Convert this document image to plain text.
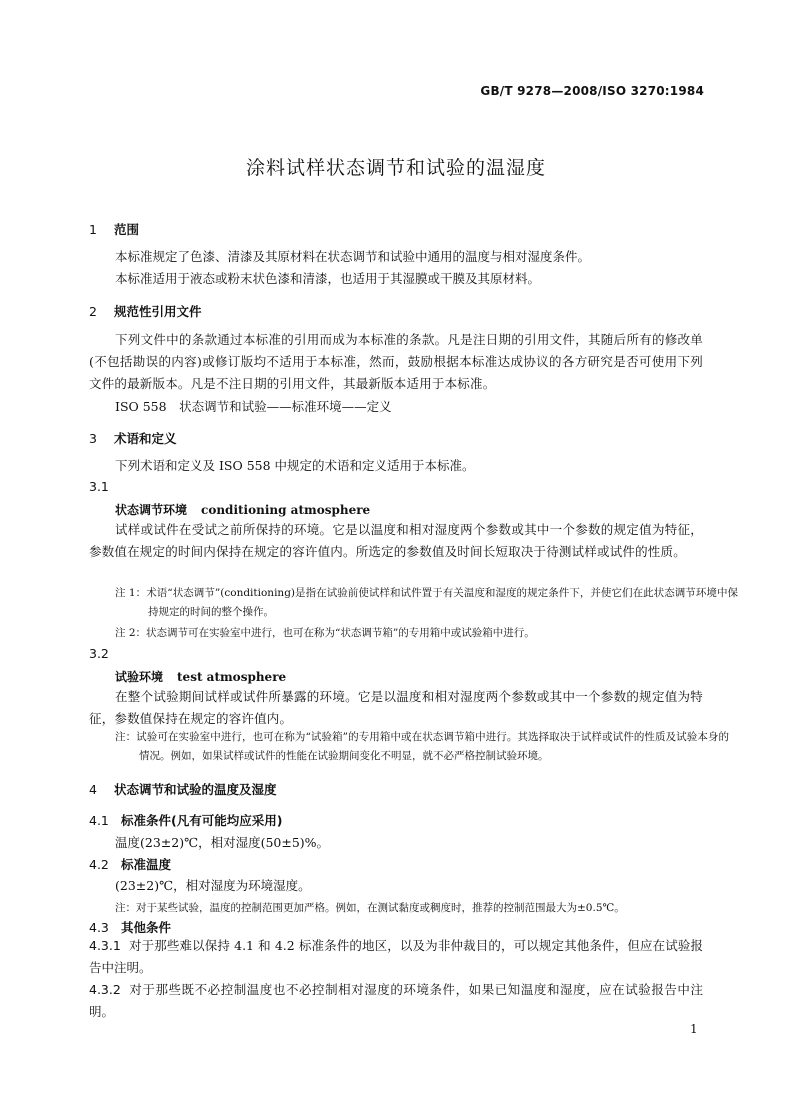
GB/T 9278—2008/ISO 3270:1984
涂料试样状态调节和试验的温湿度
1 范围
本标准规定了色漆、清漆及其原材料在状态调节和试验中通用的温度与相对湿度条件。
本标准适用于液态或粉末状色漆和清漆，也适用于其湿膜或干膜及其原材料。
2 规范性引用文件
下列文件中的条款通过本标准的引用而成为本标准的条款。凡是注日期的引用文件，其随后所有的修改单(不包括勘误的内容)或修订版均不适用于本标准，然而，鼓励根据本标准达成协议的各方研究是否可使用下列文件的最新版本。凡是不注日期的引用文件，其最新版本适用于本标准。
ISO 558　状态调节和试验——标准环境——定义
3 术语和定义
下列术语和定义及 ISO 558 中规定的术语和定义适用于本标准。
3.1
状态调节环境 conditioning atmosphere
试样或试件在受试之前所保持的环境。它是以温度和相对湿度两个参数或其中一个参数的规定值为特征，参数值在规定的时间内保持在规定的容许值内。所选定的参数值及时间长短取决于待测试样或试件的性质。
注 1：术语“状态调节”(conditioning)是指在试验前使试样和试件置于有关温度和湿度的规定条件下，并使它们在此状态调节环境中保持规定的时间的整个操作。
注 2：状态调节可在实验室中进行，也可在称为“状态调节箱”的专用箱中或试验箱中进行。
3.2
试验环境 test atmosphere
在整个试验期间试样或试件所暴露的环境。它是以温度和相对湿度两个参数或其中一个参数的规定值为特征，参数值保持在规定的容许值内。
注：试验可在实验室中进行，也可在称为“试验箱”的专用箱中或在状态调节箱中进行。其选择取决于试样或试件的性质及试验本身的情况。例如，如果试样或试件的性能在试验期间变化不明显，就不必严格控制试验环境。
4 状态调节和试验的温度及湿度
4.1 标准条件(凡有可能均应采用)
温度(23±2)℃，相对湿度(50±5)%。
4.2 标准温度
(23±2)℃，相对湿度为环境湿度。
注：对于某些试验，温度的控制范围更加严格。例如，在测试黏度或稠度时，推荐的控制范围最大为±0.5℃。
4.3 其他条件
4.3.1 对于那些难以保持 4.1 和 4.2 标准条件的地区，以及为非仲裁目的，可以规定其他条件，但应在试验报告中注明。
4.3.2 对于那些既不必控制温度也不必控制相对湿度的环境条件，如果已知温度和湿度，应在试验报告中注明。
1
